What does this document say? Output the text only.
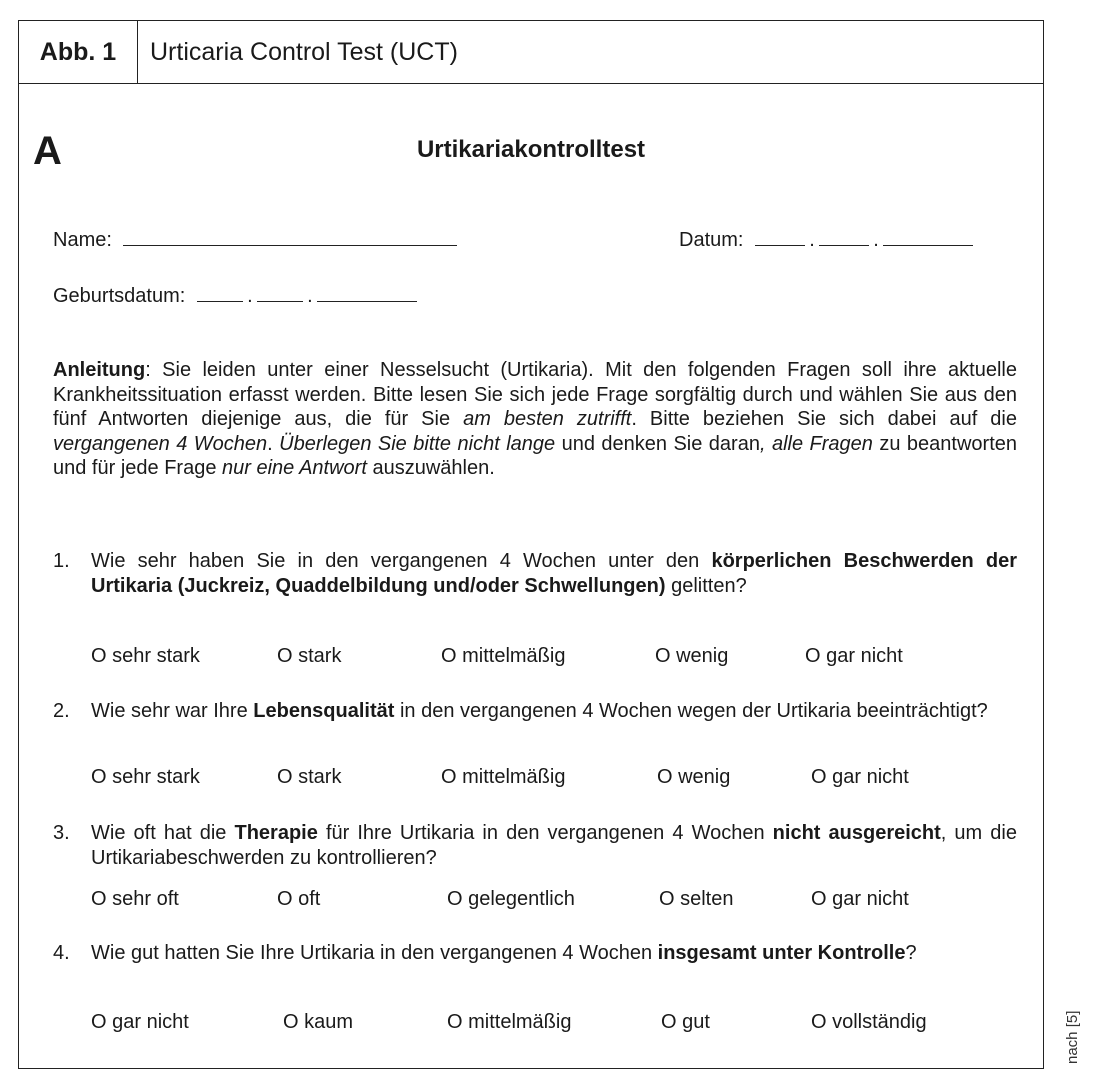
Abb. 1	Urticaria Control Test (UCT)
A	Urtikariakontrolltest
Name:	Datum:	.	.
Geburtsdatum:	.	.
Anleitung: Sie leiden unter einer Nesselsucht (Urtikaria). Mit den folgenden Fragen soll ihre aktuelle Krankheitssituation erfasst werden. Bitte lesen Sie sich jede Frage sorgfältig durch und wählen Sie aus den fünf Antworten diejenige aus, die für Sie am besten zutrifft. Bitte beziehen Sie sich dabei auf die vergangenen 4 Wochen. Überlegen Sie bitte nicht lange und denken Sie daran, alle Fragen zu beantworten und für jede Frage nur eine Antwort auszuwählen.
1.	Wie sehr haben Sie in den vergangenen 4 Wochen unter den körperlichen Beschwerden der Urtikaria (Juckreiz, Quaddelbildung und/oder Schwellungen) gelitten?
O sehr stark	O stark	O mittelmäßig	O wenig	O gar nicht
2.	Wie sehr war Ihre Lebensqualität in den vergangenen 4 Wochen wegen der Urtikaria beeinträchtigt?
O sehr stark	O stark	O mittelmäßig	O wenig	O gar nicht
3.	Wie oft hat die Therapie für Ihre Urtikaria in den vergangenen 4 Wochen nicht ausgereicht, um die Urtikariabeschwerden zu kontrollieren?
O sehr oft	O oft	O gelegentlich	O selten	O gar nicht
4.	Wie gut hatten Sie Ihre Urtikaria in den vergangenen 4 Wochen insgesamt unter Kontrolle?
O gar nicht	O kaum	O mittelmäßig	O gut	O vollständig	nach [5]
